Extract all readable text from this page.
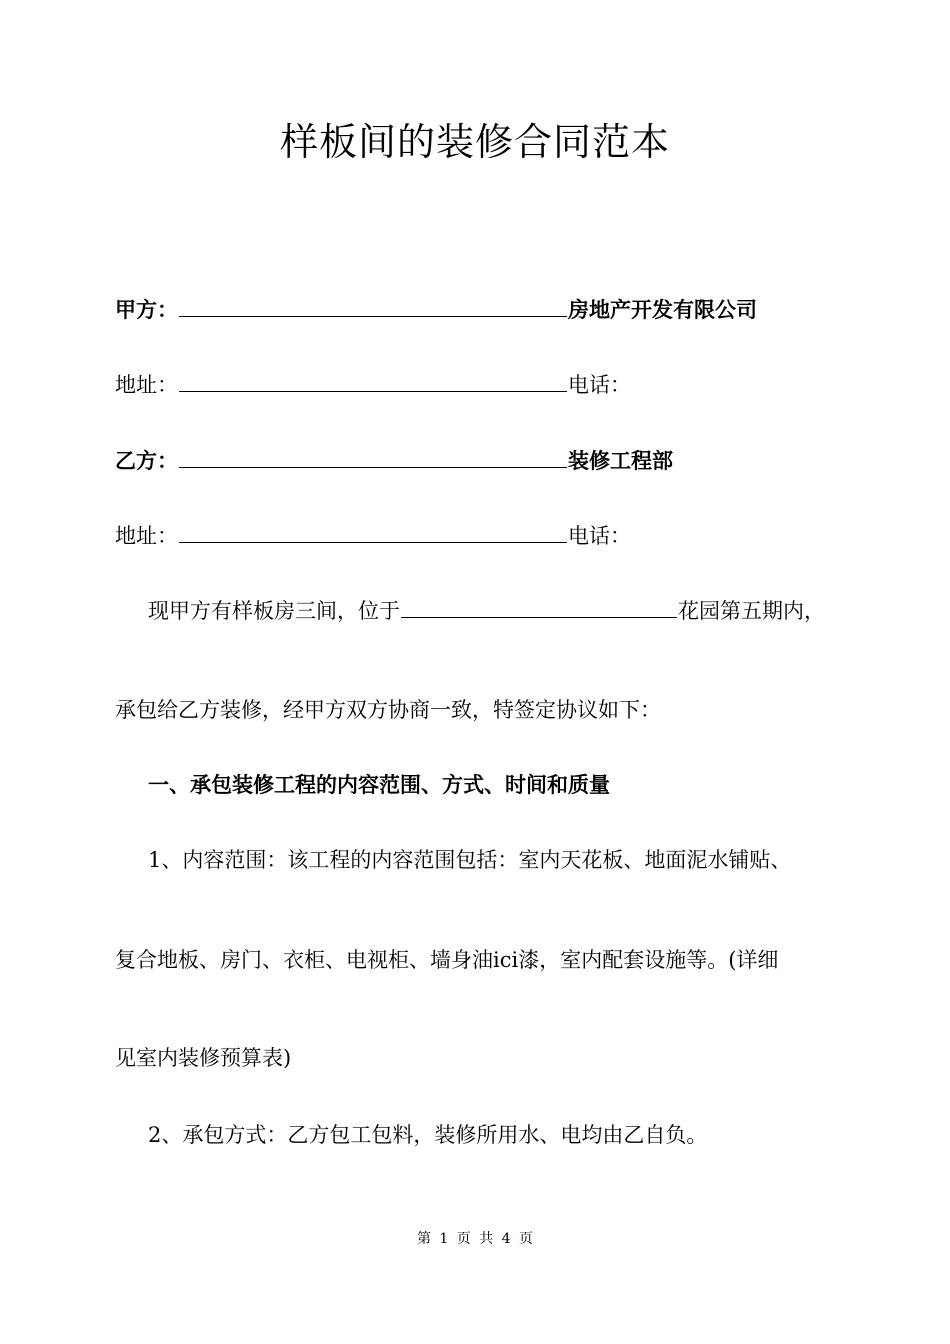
样板间的装修合同范本
甲方：	房地产开发有限公司
地址：	电话：
乙方：	装修工程部
地址：	电话：
现甲方有样板房三间，位于	花园第五期内，
承包给乙方装修，经甲方双方协商一致，特签定协议如下：
一、承包装修工程的内容范围、方式、时间和质量
1、内容范围：该工程的内容范围包括：室内天花板、地面泥水铺贴、
复合地板、房门、衣柜、电视柜、墙身油ici漆，室内配套设施等。(详细
见室内装修预算表)
2、承包方式：乙方包工包料，装修所用水、电均由乙自负。
第 1 页 共 4 页
